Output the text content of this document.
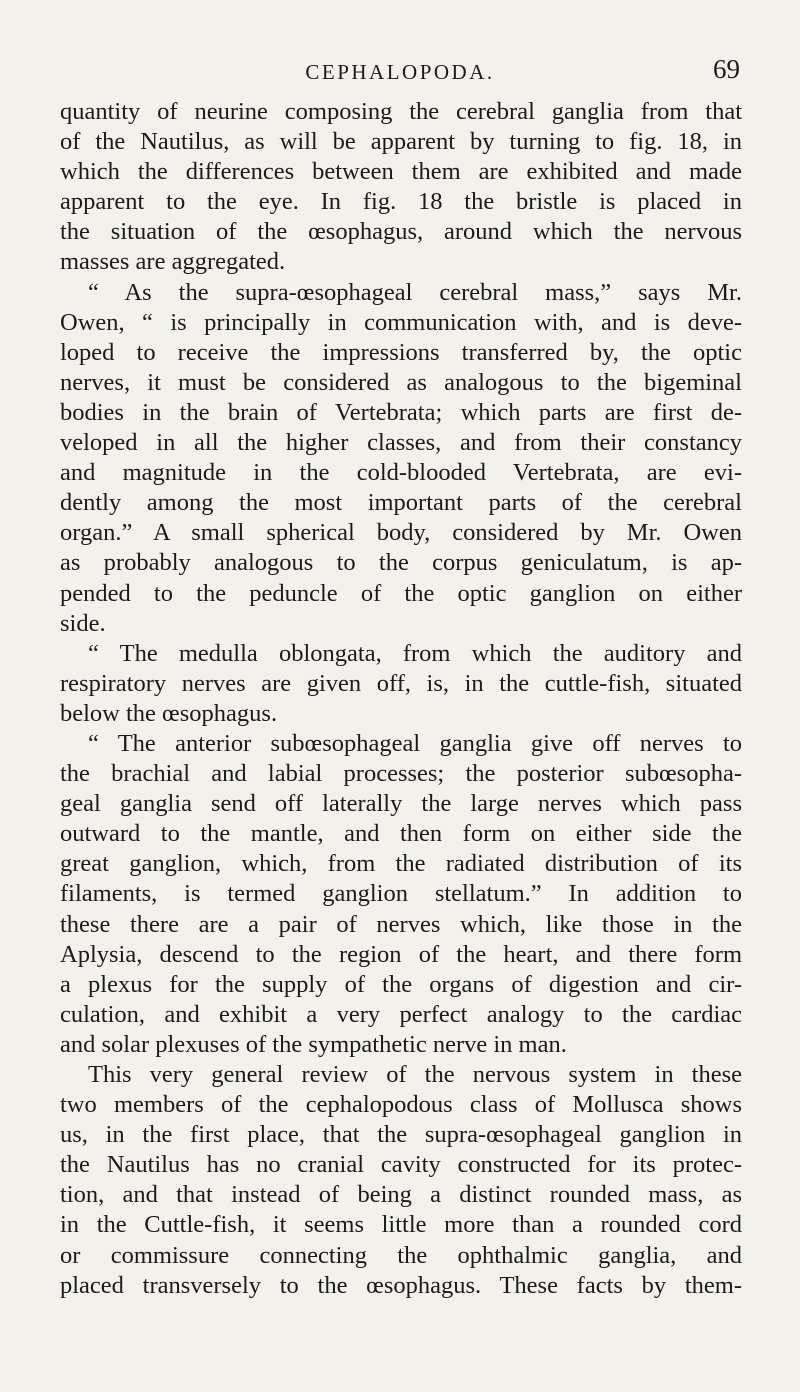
CEPHALOPODA.	69
quantity of neurine composing the cerebral ganglia from that
of the Nautilus, as will be apparent by turning to fig. 18, in
which the differences between them are exhibited and made
apparent to the eye. In fig. 18 the bristle is placed in
the situation of the œsophagus, around which the nervous
masses are aggregated.
“ As the supra-œsophageal cerebral mass,” says Mr.
Owen, “ is principally in communication with, and is deve-
loped to receive the impressions transferred by, the optic
nerves, it must be considered as analogous to the bigeminal
bodies in the brain of Vertebrata; which parts are first de-
veloped in all the higher classes, and from their constancy
and magnitude in the cold-blooded Vertebrata, are evi-
dently among the most important parts of the cerebral
organ.” A small spherical body, considered by Mr. Owen
as probably analogous to the corpus geniculatum, is ap-
pended to the peduncle of the optic ganglion on either
side.
“ The medulla oblongata, from which the auditory and
respiratory nerves are given off, is, in the cuttle-fish, situated
below the œsophagus.
“ The anterior subœsophageal ganglia give off nerves to
the brachial and labial processes; the posterior subœsopha-
geal ganglia send off laterally the large nerves which pass
outward to the mantle, and then form on either side the
great ganglion, which, from the radiated distribution of its
filaments, is termed ganglion stellatum.” In addition to
these there are a pair of nerves which, like those in the
Aplysia, descend to the region of the heart, and there form
a plexus for the supply of the organs of digestion and cir-
culation, and exhibit a very perfect analogy to the cardiac
and solar plexuses of the sympathetic nerve in man.
This very general review of the nervous system in these
two members of the cephalopodous class of Mollusca shows
us, in the first place, that the supra-œsophageal ganglion in
the Nautilus has no cranial cavity constructed for its protec-
tion, and that instead of being a distinct rounded mass, as
in the Cuttle-fish, it seems little more than a rounded cord
or commissure connecting the ophthalmic ganglia, and
placed transversely to the œsophagus. These facts by them-
